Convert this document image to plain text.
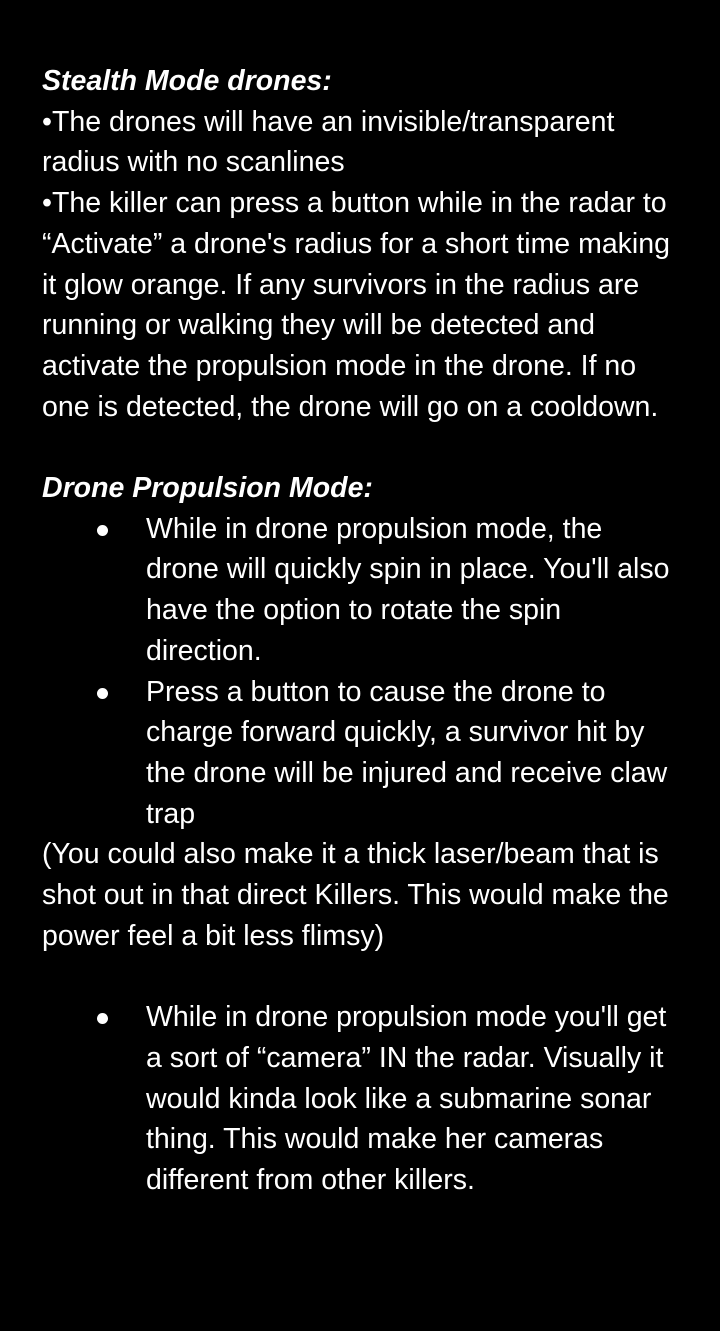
Stealth Mode drones:

•The drones will have an invisible/transparent radius with no scanlines

•The killer can press a button while in the radar to “Activate” a drone's radius for a short time making it glow orange. If any survivors in the radius are running or walking they will be detected and activate the propulsion mode in the drone. If no one is detected, the drone will go on a cooldown.

Drone Propulsion Mode:
While in drone propulsion mode, the drone will quickly spin in place. You'll also have the option to rotate the spin direction.
Press a button to cause the drone to charge forward quickly, a survivor hit by the drone will be injured and receive claw trap

(You could also make it a thick laser/beam that is shot out in that direct Killers. This would make the power feel a bit less flimsy)

While in drone propulsion mode you'll get a sort of “camera” IN the radar. Visually it would kinda look like a submarine sonar thing. This would make her cameras different from other killers.
